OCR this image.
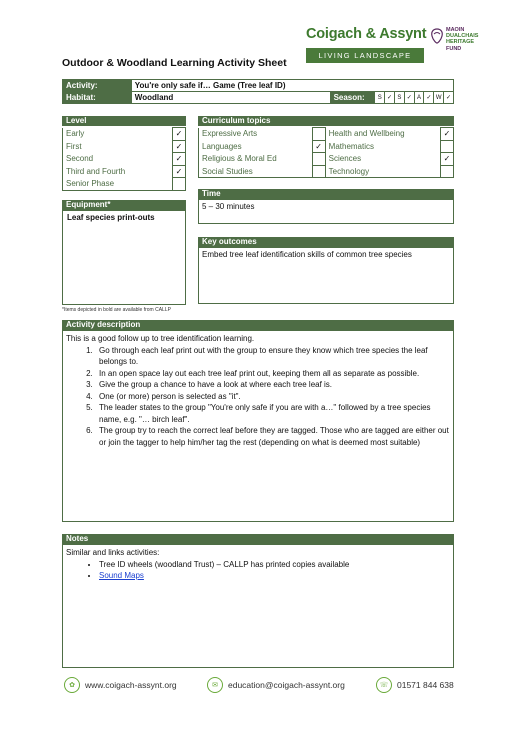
Outdoor & Woodland Learning Activity Sheet
Coigach & Assynt
LIVING LANDSCAPE
MAOIN
DUALCHAIS
HERITAGE
FUND
Activity:	You're only safe if… Game (Tree leaf ID)									
Habitat:	Woodland	Season:	S	✓	S	✓	A	✓	W	✓
Level
Early	✓
First	✓
Second	✓
Third and Fourth	✓
Senior Phase	
Curriculum topics
Expressive Arts		Health and Wellbeing	✓
Languages	✓	Mathematics	
Religious & Moral Ed		Sciences	✓
Social Studies		Technology	
Equipment*
Leaf species print-outs
*Items depicted in bold are available from CALLP
Time
5 – 30 minutes
Key outcomes
Embed tree leaf identification skills of common tree species
Activity description
This is a good follow up to tree identification learning.
1. Go through each leaf print out with the group to ensure they know which tree species the leaf belongs to.
2. In an open space lay out each tree leaf print out, keeping them all as separate as possible.
3. Give the group a chance to have a look at where each tree leaf is.
4. One (or more) person is selected as "it".
5. The leader states to the group "You're only safe if you are with a…" followed by a tree species name, e.g. "… birch leaf".
6. The group try to reach the correct leaf before they are tagged. Those who are tagged are either out or join the tagger to help him/her tag the rest (depending on what is deemed most suitable)
Notes
Similar and links activities:
• Tree ID wheels (woodland Trust) – CALLP has printed copies available
• Sound Maps
✿	www.coigach-assynt.org	✉	education@coigach-assynt.org	☏	01571 844 638
